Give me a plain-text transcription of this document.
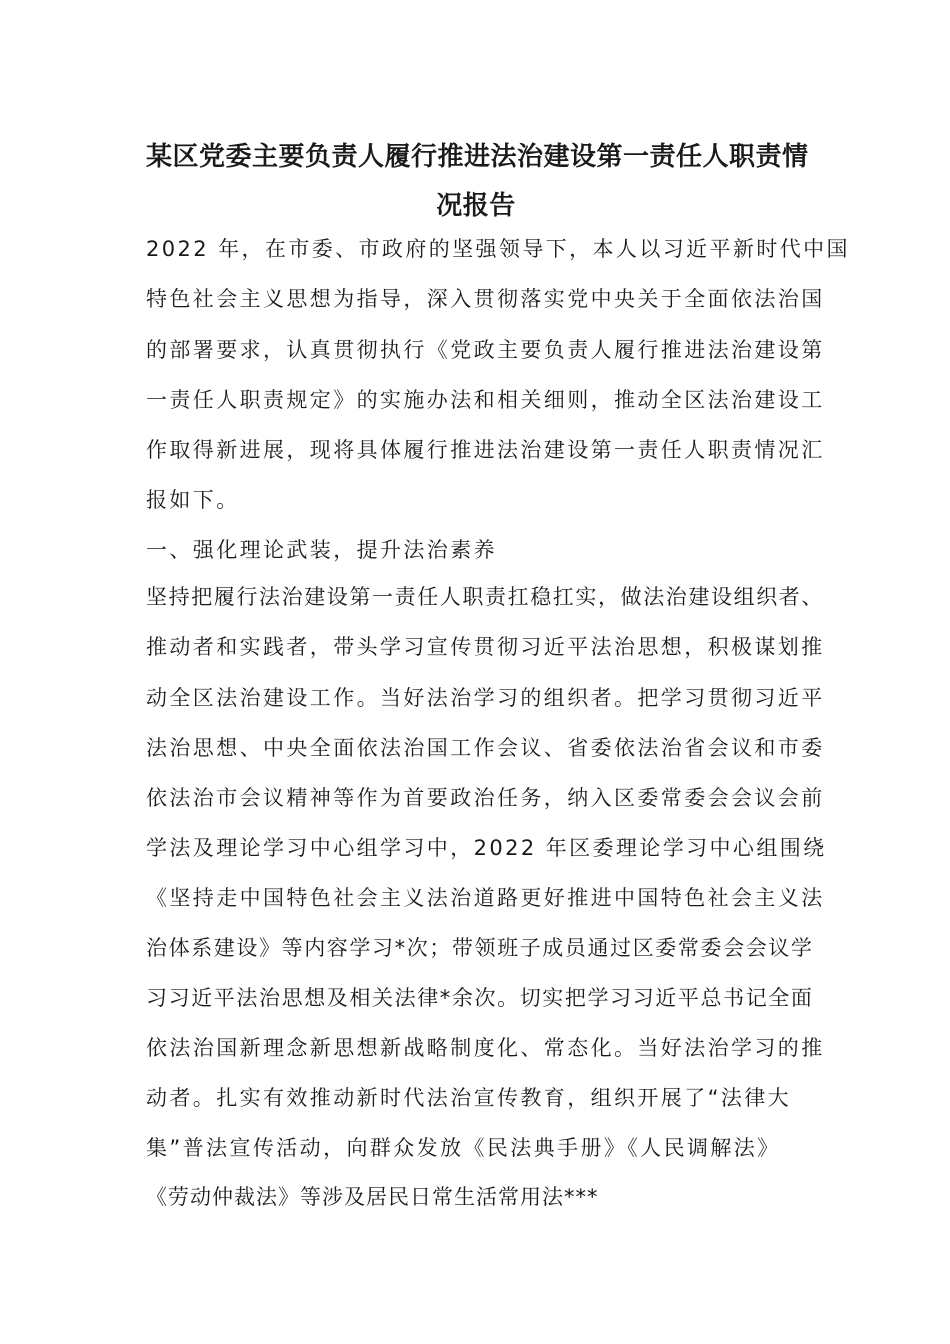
某区党委主要负责人履行推进法治建设第一责任人职责情
况报告
2022 年，在市委、市政府的坚强领导下，本人以习近平新时代中国
特色社会主义思想为指导，深入贯彻落实党中央关于全面依法治国
的部署要求，认真贯彻执行《党政主要负责人履行推进法治建设第
一责任人职责规定》的实施办法和相关细则，推动全区法治建设工
作取得新进展，现将具体履行推进法治建设第一责任人职责情况汇
报如下。
一、强化理论武装，提升法治素养
坚持把履行法治建设第一责任人职责扛稳扛实，做法治建设组织者、
推动者和实践者，带头学习宣传贯彻习近平法治思想，积极谋划推
动全区法治建设工作。当好法治学习的组织者。把学习贯彻习近平
法治思想、中央全面依法治国工作会议、省委依法治省会议和市委
依法治市会议精神等作为首要政治任务，纳入区委常委会会议会前
学法及理论学习中心组学习中，2022 年区委理论学习中心组围绕
《坚持走中国特色社会主义法治道路更好推进中国特色社会主义法
治体系建设》等内容学习*次；带领班子成员通过区委常委会会议学
习习近平法治思想及相关法律*余次。切实把学习习近平总书记全面
依法治国新理念新思想新战略制度化、常态化。当好法治学习的推
动者。扎实有效推动新时代法治宣传教育，组织开展了“法律大
集”普法宣传活动，向群众发放《民法典手册》《人民调解法》
《劳动仲裁法》等涉及居民日常生活常用法***
